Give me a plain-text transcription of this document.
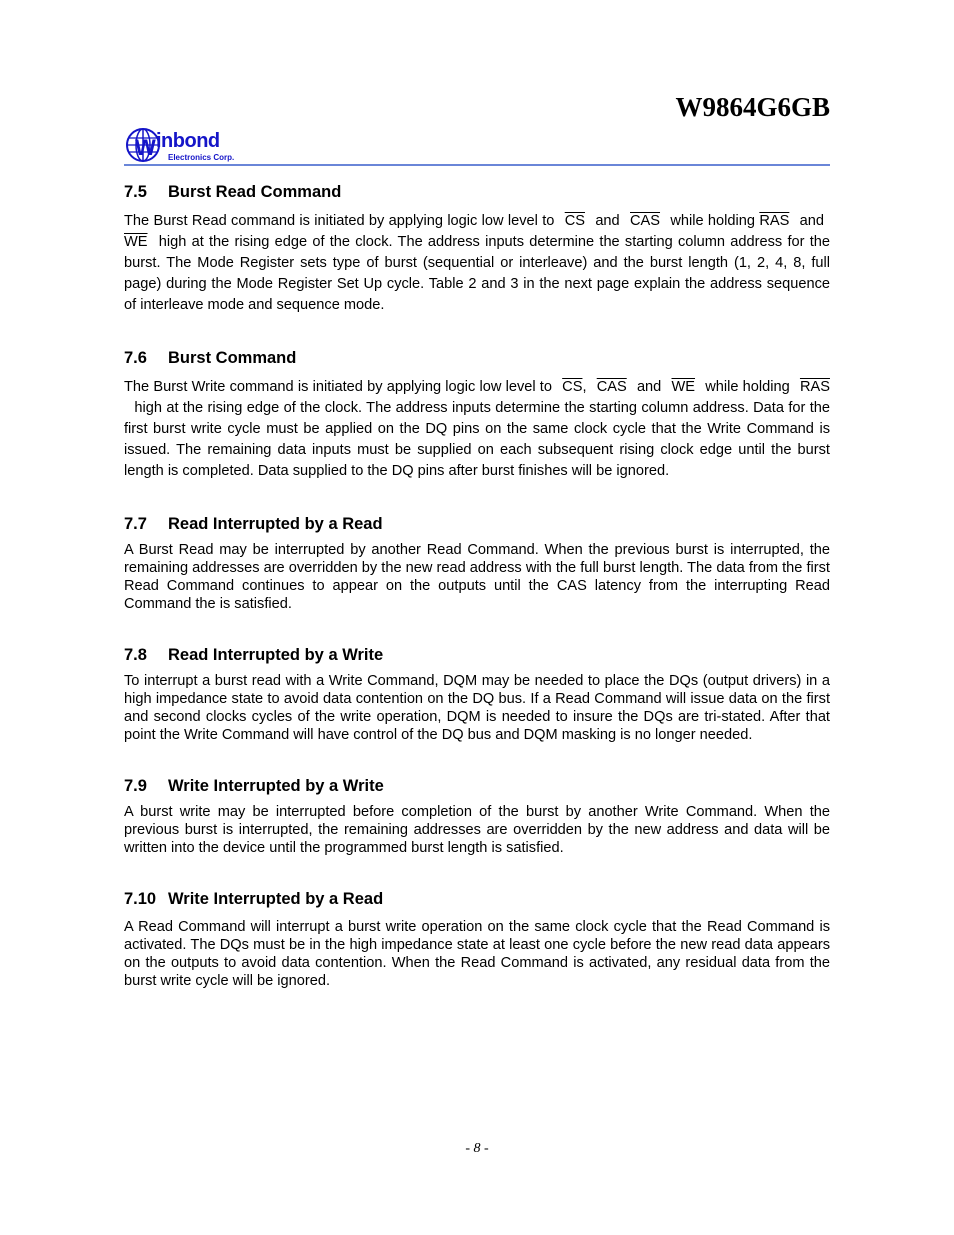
W9864G6GB
W inbond
Electronics Corp.
7.5 Burst Read Command

The Burst Read command is initiated by applying logic low level to $\overline{CS}$ and $\overline{CAS}$ while holding $\overline{RAS}$ and $\overline{WE}$ high at the rising edge of the clock. The address inputs determine the starting column address for the burst. The Mode Register sets type of burst (sequential or interleave) and the burst length (1, 2, 4, 8, full page) during the Mode Register Set Up cycle. Table 2 and 3 in the next page explain the address sequence of interleave mode and sequence mode.

7.6 Burst Command

The Burst Write command is initiated by applying logic low level to $\overline{CS}$, $\overline{CAS}$ and $\overline{WE}$ while holding $\overline{RAS}$ high at the rising edge of the clock. The address inputs determine the starting column address. Data for the first burst write cycle must be applied on the DQ pins on the same clock cycle that the Write Command is issued. The remaining data inputs must be supplied on each subsequent rising clock edge until the burst length is completed. Data supplied to the DQ pins after burst finishes will be ignored.

7.7 Read Interrupted by a Read

A Burst Read may be interrupted by another Read Command. When the previous burst is interrupted, the remaining addresses are overridden by the new read address with the full burst length. The data from the first Read Command continues to appear on the outputs until the CAS latency from the interrupting Read Command the is satisfied.

7.8 Read Interrupted by a Write

To interrupt a burst read with a Write Command, DQM may be needed to place the DQs (output drivers) in a high impedance state to avoid data contention on the DQ bus. If a Read Command will issue data on the first and second clocks cycles of the write operation, DQM is needed to insure the DQs are tri-stated. After that point the Write Command will have control of the DQ bus and DQM masking is no longer needed.

7.9 Write Interrupted by a Write

A burst write may be interrupted before completion of the burst by another Write Command. When the previous burst is interrupted, the remaining addresses are overridden by the new address and data will be written into the device until the programmed burst length is satisfied.

7.10 Write Interrupted by a Read

A Read Command will interrupt a burst write operation on the same clock cycle that the Read Command is activated. The DQs must be in the high impedance state at least one cycle before the new read data appears on the outputs to avoid data contention. When the Read Command is activated, any residual data from the burst write cycle will be ignored.

- 8 -
